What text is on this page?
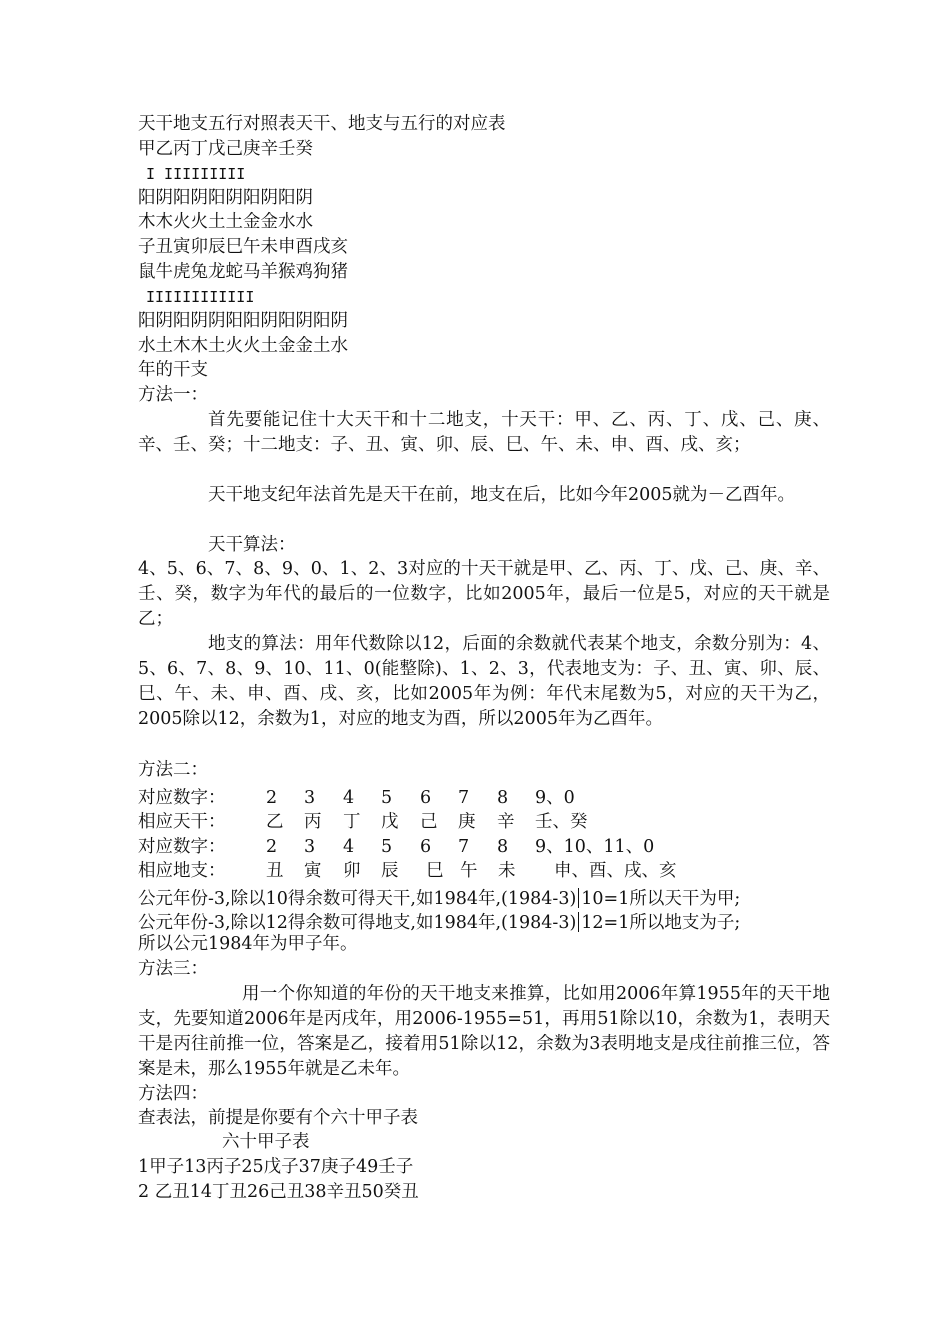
天干地支五行对照表天干、地支与五行的对应表
甲乙丙丁戊己庚辛壬癸
I IIIIIIIII
阳阴阳阴阳阴阳阴阳阴
木木火火土土金金水水
子丑寅卯辰巳午未申酉戌亥
鼠牛虎兔龙蛇马羊猴鸡狗猪
IIIIIIIIIIII
阳阴阳阴阴阳阳阴阳阴阳阴
水土木木土火火土金金土水
年的干支
方法一：
首先要能记住十大天干和十二地支，十天干：甲、乙、丙、丁、戊、己、庚、辛、壬、癸；十二地支：子、丑、寅、卯、辰、巳、午、未、申、酉、戌、亥；
天干地支纪年法首先是天干在前，地支在后，比如今年2005就为－乙酉年。
天干算法：
4、5、6、7、8、9、0、1、2、3对应的十天干就是甲、乙、丙、丁、戊、己、庚、辛、壬、癸，数字为年代的最后的一位数字，比如2005年，最后一位是5，对应的天干就是乙；
地支的算法：用年代数除以12，后面的余数就代表某个地支，余数分别为：4、5、6、7、8、9、10、11、0(能整除)、1、2、3，代表地支为：子、丑、寅、卯、辰、巳、午、未、申、酉、戌、亥，比如2005年为例：年代末尾数为5，对应的天干为乙，2005除以12，余数为1，对应的地支为酉，所以2005年为乙酉年。
方法二：
对应数字： 2 3 4 5 6 7 8 9、0
相应天干： 乙 丙 丁 戊 己 庚 辛 壬、癸
对应数字： 2 3 4 5 6 7 8 9、10、11、0
相应地支： 丑 寅 卯 辰 巳 午 未 申、酉、戌、亥
公元年份-3,除以10得余数可得天干,如1984年,(1984-3) 10=1所以天干为甲;
公元年份-3,除以12得余数可得地支,如1984年,(1984-3) 12=1所以地支为子;
所以公元1984年为甲子年。
方法三：
用一个你知道的年份的天干地支来推算，比如用2006年算1955年的天干地支，先要知道2006年是丙戌年，用2006-1955=51，再用51除以10，余数为1，表明天干是丙往前推一位，答案是乙，接着用51除以12，余数为3表明地支是戌往前推三位，答案是未，那么1955年就是乙未年。
方法四：
查表法，前提是你要有个六十甲子表
六十甲子表
1甲子13丙子25戊子37庚子49壬子
2 乙丑14丁丑26己丑38辛丑50癸丑
